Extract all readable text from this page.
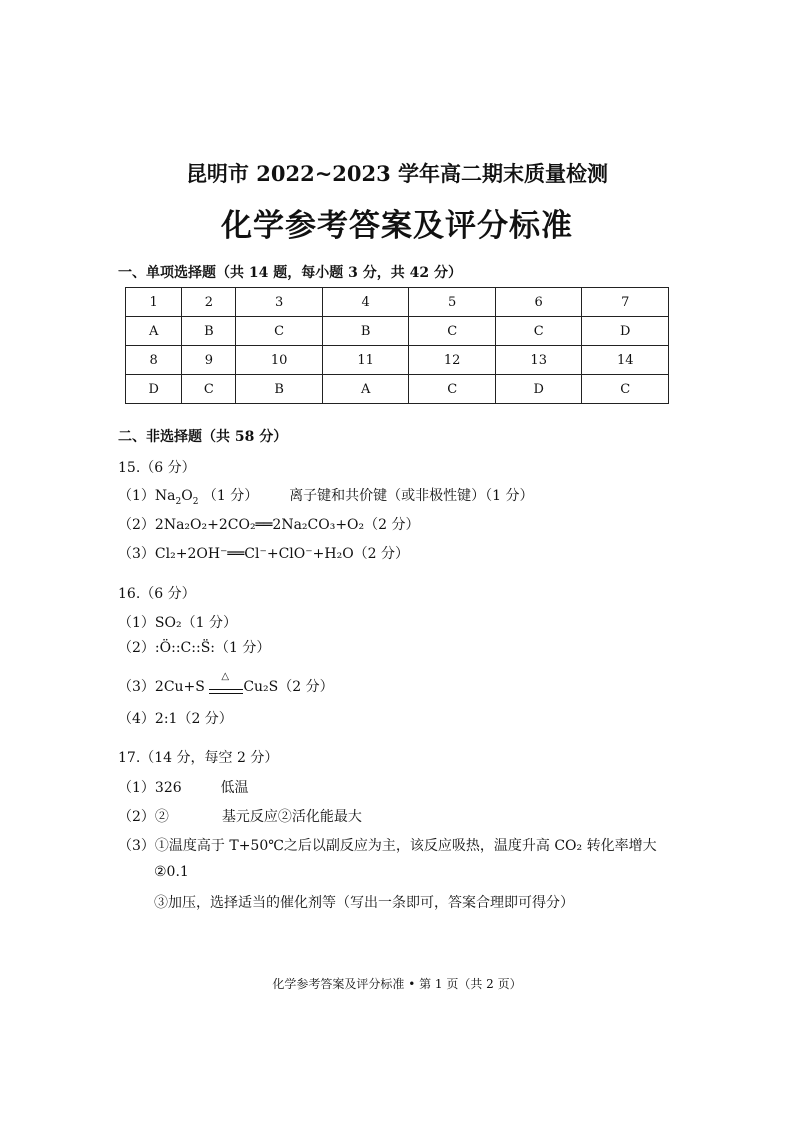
昆明市 2022~2023 学年高二期末质量检测
化学参考答案及评分标准
一、单项选择题（共 14 题，每小题 3 分，共 42 分）
1	2	3	4	5	6	7
A	B	C	B	C	C	D
8	9	10	11	12	13	14
D	C	B	A	C	D	C
二、非选择题（共 58 分）
15.（6 分）
$(1)Na_2O_2$ （1 分） 离子键和共价键（或非极性键）（1 分）
（2）2Na₂O₂+2CO₂══2Na₂CO₃+O₂（2 分）
（3）Cl₂+2OH⁻══Cl⁻+ClO⁻+H₂O（2 分）
16.（6 分）
（1）SO₂（1 分）
（2）:Ö::C::S̈:（1 分）
（3）2Cu+S
△
Cu₂S（2 分）
（4）2:1（2 分）
17.（14 分，每空 2 分）
（1）326	低温
（2）②	基元反应②活化能最大
（3）①温度高于 T+50℃之后以副反应为主，该反应吸热，温度升高 CO₂ 转化率增大
②0.1
③加压，选择适当的催化剂等（写出一条即可，答案合理即可得分）
化学参考答案及评分标准 • 第 1 页（共 2 页）
